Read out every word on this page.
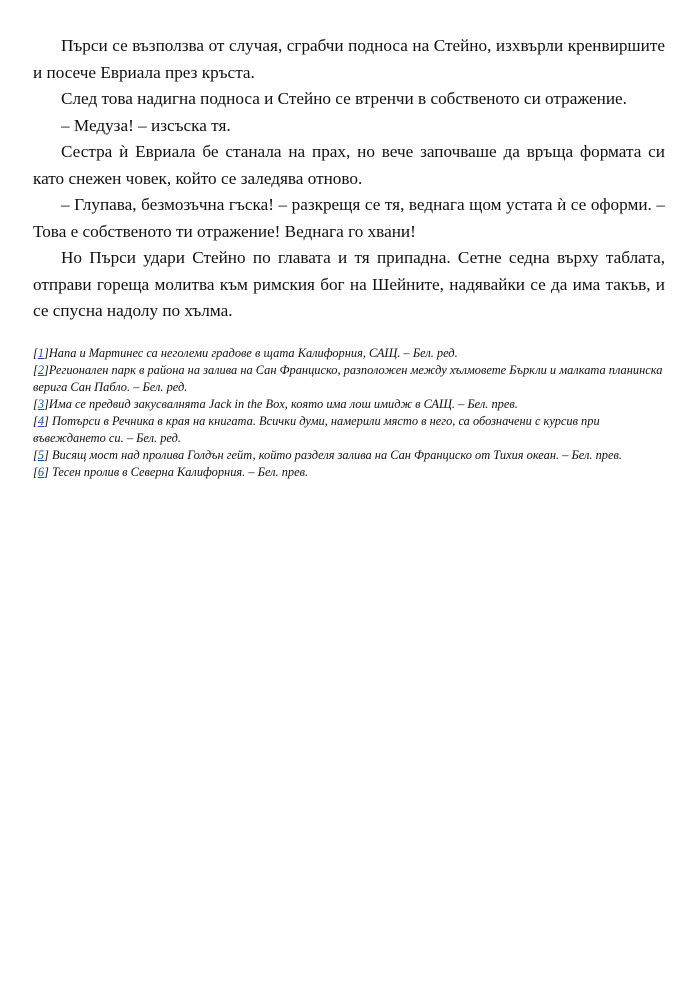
Пърси се възползва от случая, сграбчи подноса на Стейно, изхвърли кренвиршите и посече Евриала през кръста.

След това надигна подноса и Стейно се втренчи в собственото си отражение.

– Медуза! – изсъска тя.

Сестра ѝ Евриала бе станала на прах, но вече започваше да връща формата си като снежен човек, който се заледява отново.

– Глупава, безмозъчна гъска! – разкрещя се тя, веднага щом устата ѝ се оформи. – Това е собственото ти отражение! Веднага го хвани!

Но Пърси удари Стейно по главата и тя припадна. Сетне седна върху таблата, отправи гореща молитва към римския бог на Шейните, надявайки се да има такъв, и се спусна надолу по хълма.

[1]Напа и Мартинес са неголеми градове в щата Калифорния, САЩ. – Бел. ред.

[2]Регионален парк в района на залива на Сан Франциско, разположен между хълмовете Бъркли и малката планинска верига Сан Пабло. – Бел. ред.

[3]Има се предвид закусвалнята Jack in the Box, която има лош имидж в САЩ. – Бел. прев.

[4] Потърси в Речника в края на книгата. Всички думи, намерили място в него, са обозначени с курсив при въвеждането си. – Бел. ред.

[5] Висящ мост над пролива Голдън гейт, който разделя залива на Сан Франциско от Тихия океан. – Бел. прев.

[6] Тесен пролив в Северна Калифорния. – Бел. прев.
